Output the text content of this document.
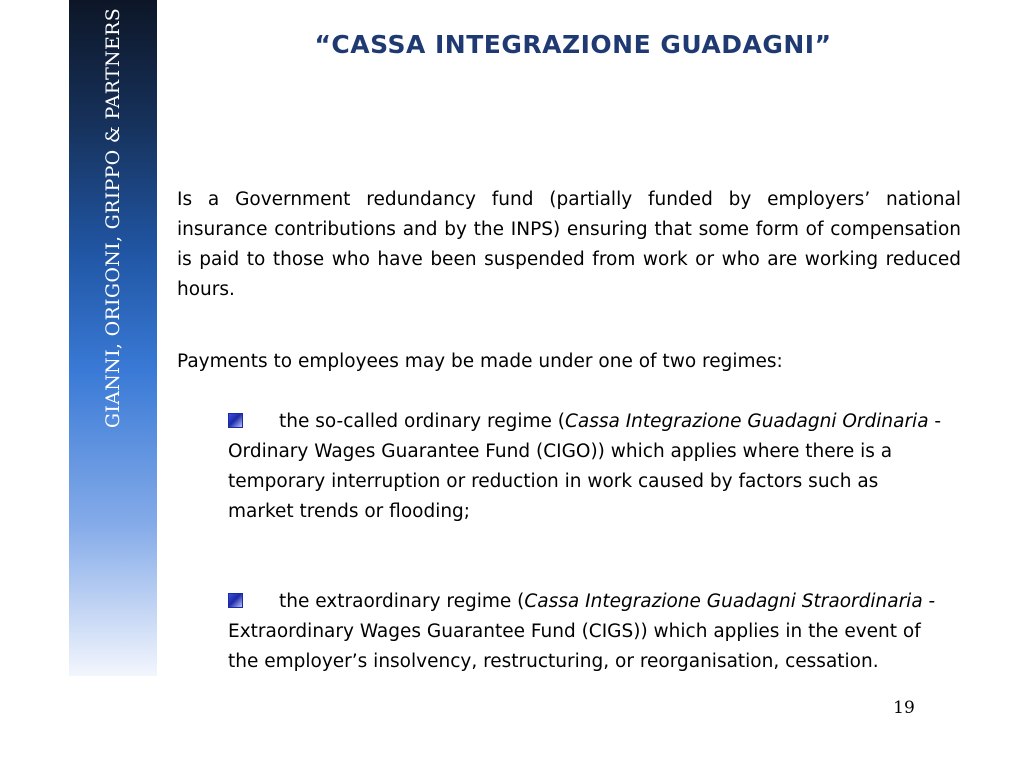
GIANNI, ORIGONI, GRIPPO & PARTNERS	“CASSA INTEGRAZIONE GUADAGNI”

Is a Government redundancy fund (partially funded by employers’ national insurance contributions and by the INPS) ensuring that some form of compensation is paid to those who have been suspended from work or who are working reduced hours.

Payments to employees may be made under one of two regimes:

the so-called ordinary regime (Cassa Integrazione Guadagni Ordinaria - Ordinary Wages Guarantee Fund (CIGO)) which applies where there is a temporary interruption or reduction in work caused by factors such as market trends or flooding;

the extraordinary regime (Cassa Integrazione Guadagni Straordinaria - Extraordinary Wages Guarantee Fund (CIGS)) which applies in the event of the employer’s insolvency, restructuring, or reorganisation, cessation.

19
